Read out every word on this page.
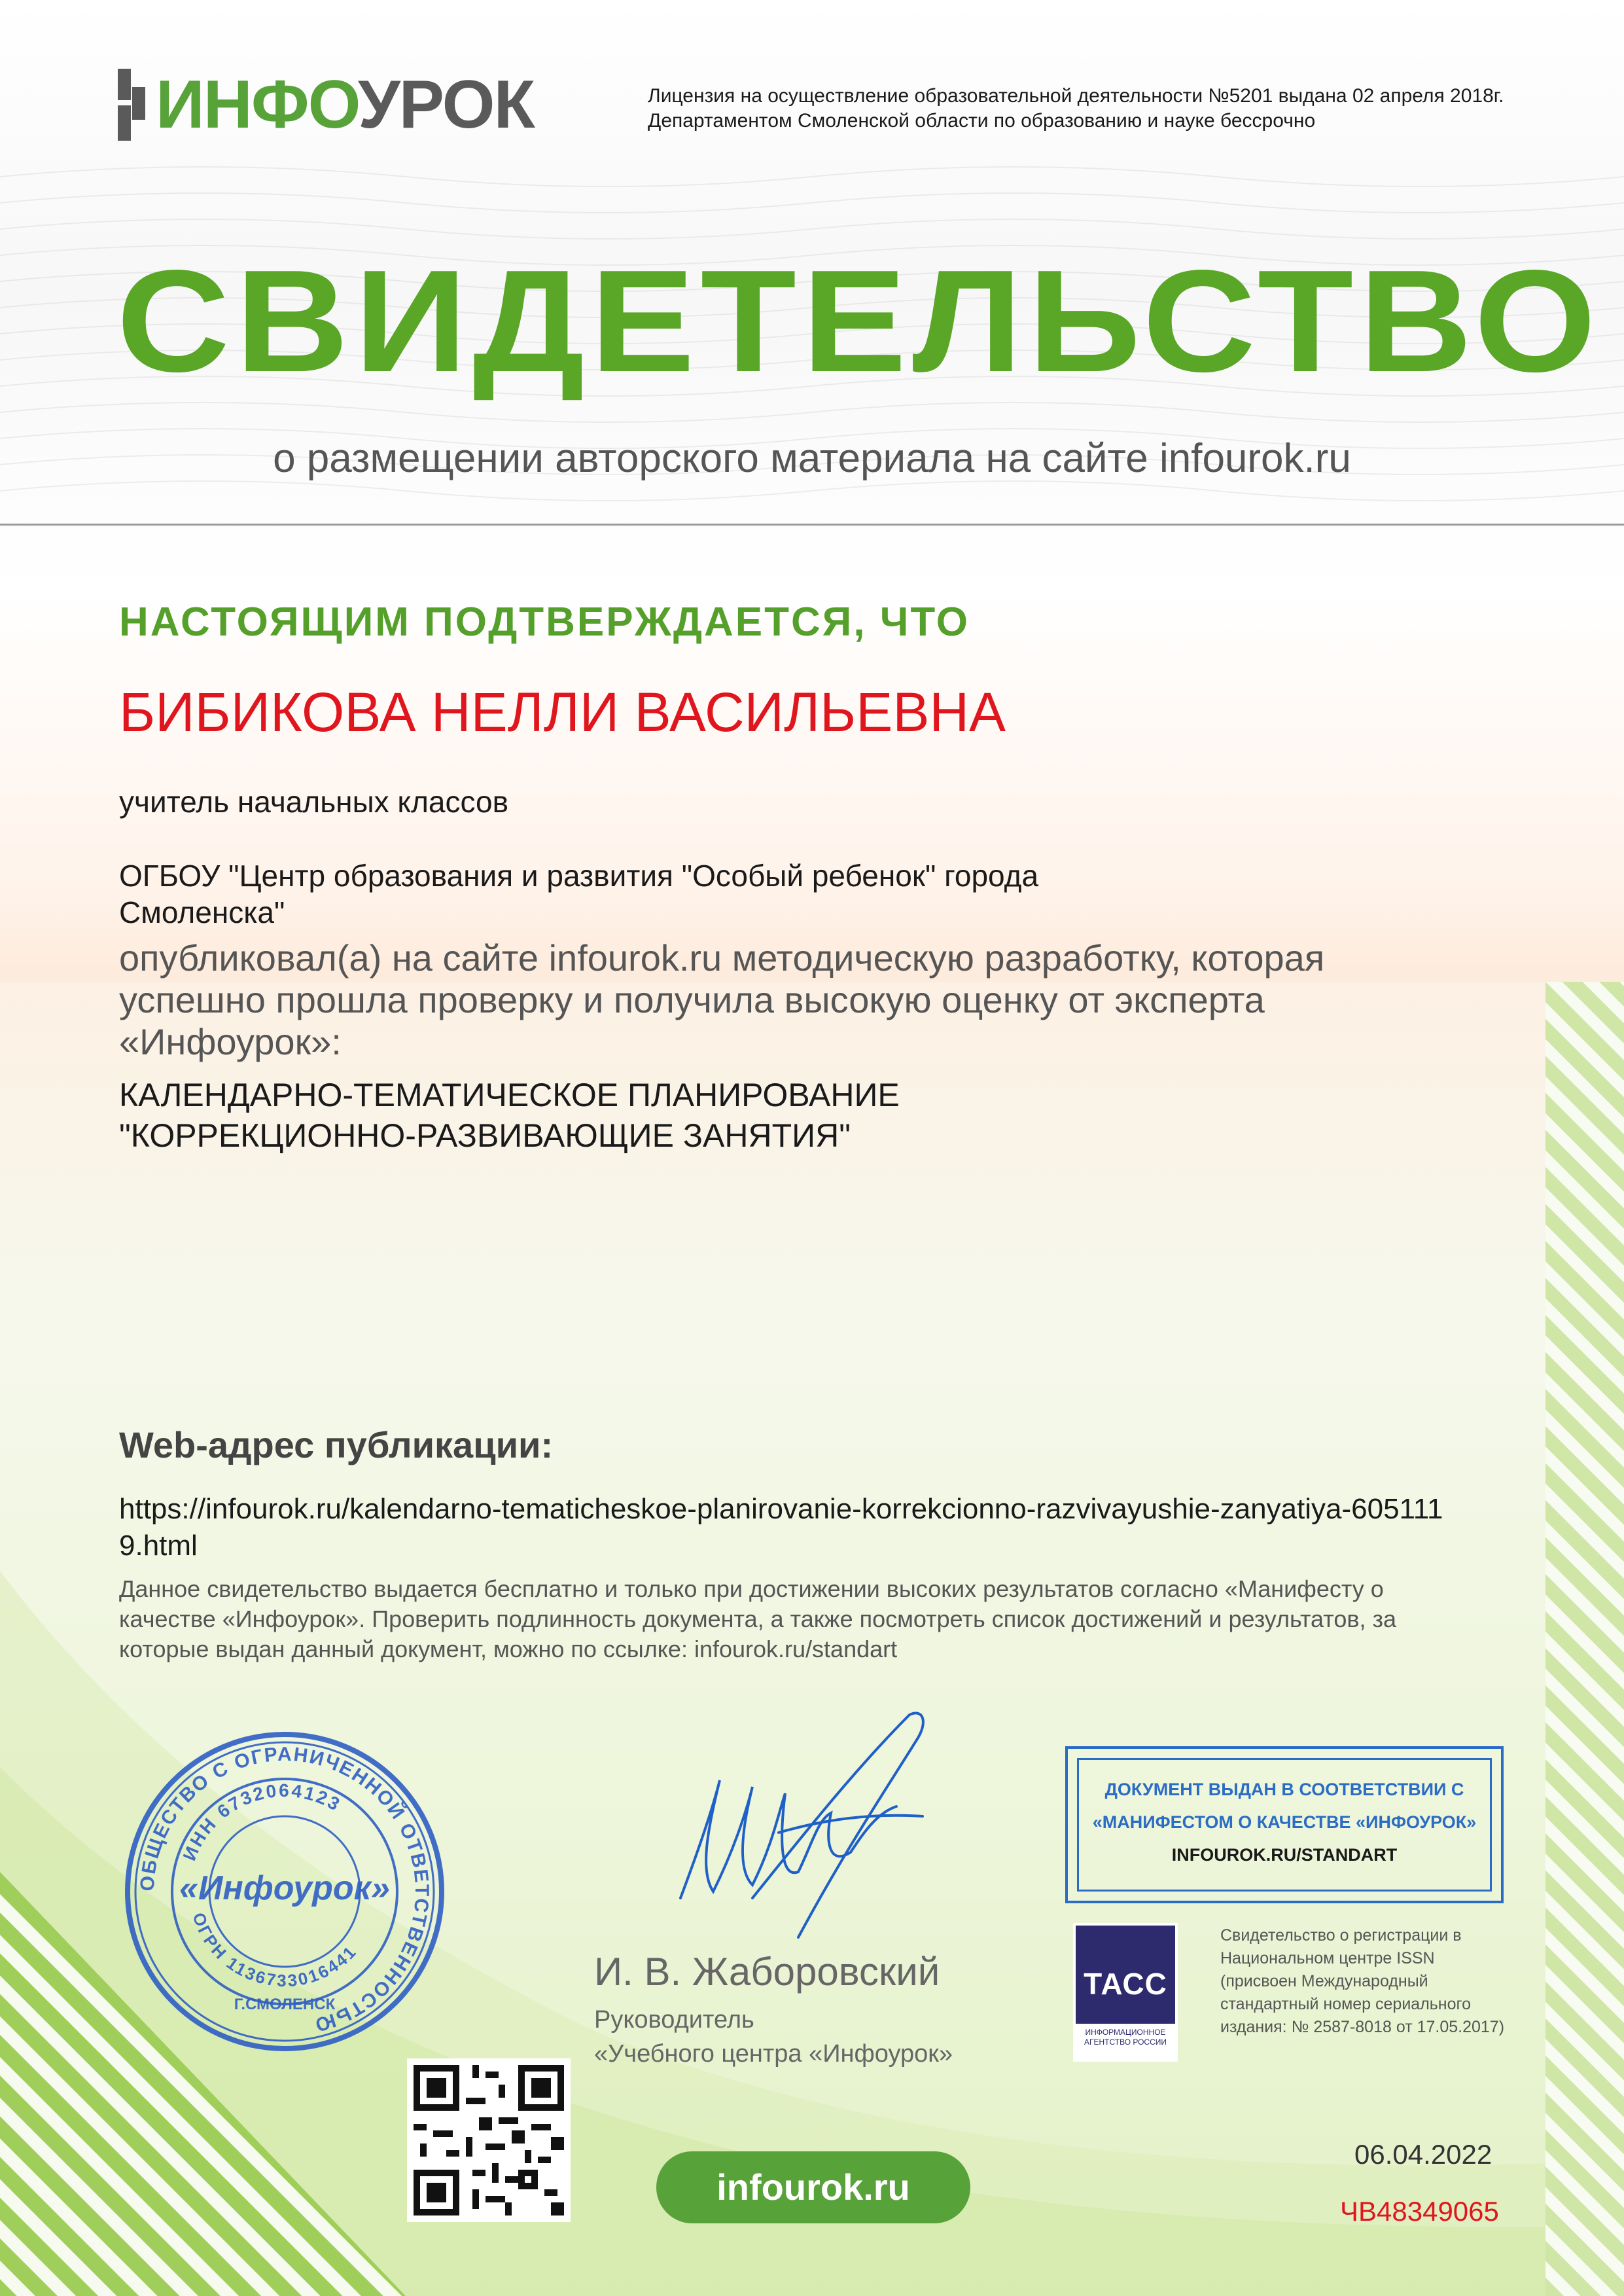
ИНФОУРОК	Лицензия на осуществление образовательной деятельности №5201 выдана 02 апреля 2018г.
Департаментом Смоленской области по образованию и науке бессрочно
СВИДЕТЕЛЬСТВО
о размещении авторского материала на сайте infourok.ru
НАСТОЯЩИМ ПОДТВЕРЖДАЕТСЯ, ЧТО
БИБИКОВА НЕЛЛИ ВАСИЛЬЕВНА
учитель начальных классов
ОГБОУ "Центр образования и развития "Особый ребенок" города Смоленска"
опубликовал(а) на сайте infourok.ru методическую разработку, которая успешно прошла проверку и получила высокую оценку от эксперта «Инфоурок»:
КАЛЕНДАРНО-ТЕМАТИЧЕСКОЕ ПЛАНИРОВАНИЕ
"КОРРЕКЦИОННО-РАЗВИВАЮЩИЕ ЗАНЯТИЯ"
Web-адрес публикации:
https://infourok.ru/kalendarno-tematicheskoe-planirovanie-korrekcionno-razvivayushie-zanyatiya-6051119.html
Данное свидетельство выдается бесплатно и только при достижении высоких результатов согласно «Манифесту о качестве «Инфоурок». Проверить подлинность документа, а также посмотреть список достижений и результатов, за которые выдан данный документ, можно по ссылке: infourok.ru/standart
ОБЩЕСТВО С ОГРАНИЧЕННОЙ ОТВЕТСТВЕННОСТЬЮ
ИНН 6732064123
ОГРН 1136733016441
«Инфоурок»
Г.СМОЛЕНСК
И. В. Жаборовский
Руководитель
«Учебного центра «Инфоурок»
ДОКУМЕНТ ВЫДАН В СООТВЕТСТВИИ С
«МАНИФЕСТОМ О КАЧЕСТВЕ «ИНФОУРОК»
INFOUROK.RU/STANDART
ТАСС
ИНФОРМАЦИОННОЕ
АГЕНТСТВО РОССИИ
Свидетельство о регистрации в Национальном центре ISSN (присвоен Международный стандартный номер сериального издания: № 2587-8018 от 17.05.2017)
infourok.ru
06.04.2022
ЧВ48349065
